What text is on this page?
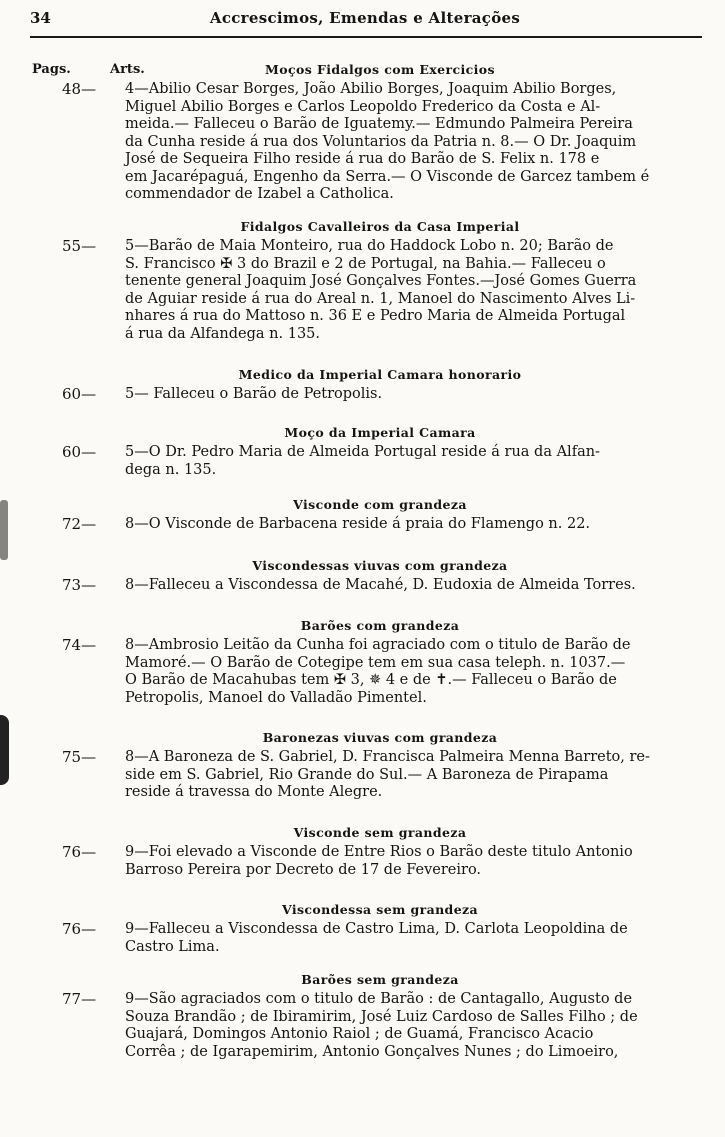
34	Accrescimos, Emendas e Alterações
Pags.	Arts.	Moços Fidalgos com Exercicios
48— 4—Abilio Cesar Borges, João Abilio Borges, Joaquim Abilio Borges,
Miguel Abilio Borges e Carlos Leopoldo Frederico da Costa e Al-
meida.— Falleceu o Barão de Iguatemy.— Edmundo Palmeira Pereira
da Cunha reside á rua dos Voluntarios da Patria n. 8.— O Dr. Joaquim
José de Sequeira Filho reside á rua do Barão de S. Felix n. 178 e
em Jacarépaguá, Engenho da Serra.— O Visconde de Garcez tambem é
commendador de Izabel a Catholica.
Fidalgos Cavalleiros da Casa Imperial
55— 5—Barão de Maia Monteiro, rua do Haddock Lobo n. 20; Barão de
S. Francisco ✠ 3 do Brazil e 2 de Portugal, na Bahia.— Falleceu o
tenente general Joaquim José Gonçalves Fontes.—José Gomes Guerra
de Aguiar reside á rua do Areal n. 1, Manoel do Nascimento Alves Li-
nhares á rua do Mattoso n. 36 E e Pedro Maria de Almeida Portugal
á rua da Alfandega n. 135.
Medico da Imperial Camara honorario
60— 5— Falleceu o Barão de Petropolis.
Moço da Imperial Camara
60— 5—O Dr. Pedro Maria de Almeida Portugal reside á rua da Alfan-
dega n. 135.
Visconde com grandeza
72— 8—O Visconde de Barbacena reside á praia do Flamengo n. 22.
Viscondessas viuvas com grandeza
73— 8—Falleceu a Viscondessa de Macahé, D. Eudoxia de Almeida Torres.
Barões com grandeza
74— 8—Ambrosio Leitão da Cunha foi agraciado com o titulo de Barão de
Mamoré.— O Barão de Cotegipe tem em sua casa teleph. n. 1037.—
O Barão de Macahubas tem ✠ 3, ✵ 4 e de ✝.— Falleceu o Barão de
Petropolis, Manoel do Valladão Pimentel.
Baronezas viuvas com grandeza
75— 8—A Baroneza de S. Gabriel, D. Francisca Palmeira Menna Barreto, re-
side em S. Gabriel, Rio Grande do Sul.— A Baroneza de Pirapama
reside á travessa do Monte Alegre.
Visconde sem grandeza
76— 9—Foi elevado a Visconde de Entre Rios o Barão deste titulo Antonio
Barroso Pereira por Decreto de 17 de Fevereiro.
Viscondessa sem grandeza
76— 9—Falleceu a Viscondessa de Castro Lima, D. Carlota Leopoldina de
Castro Lima.
Barões sem grandeza
77— 9—São agraciados com o titulo de Barão : de Cantagallo, Augusto de
Souza Brandão ; de Ibiramirim, José Luiz Cardoso de Salles Filho ; de
Guajará, Domingos Antonio Raiol ; de Guamá, Francisco Acacio
Corrêa ; de Igarapemirim, Antonio Gonçalves Nunes ; do Limoeiro,
